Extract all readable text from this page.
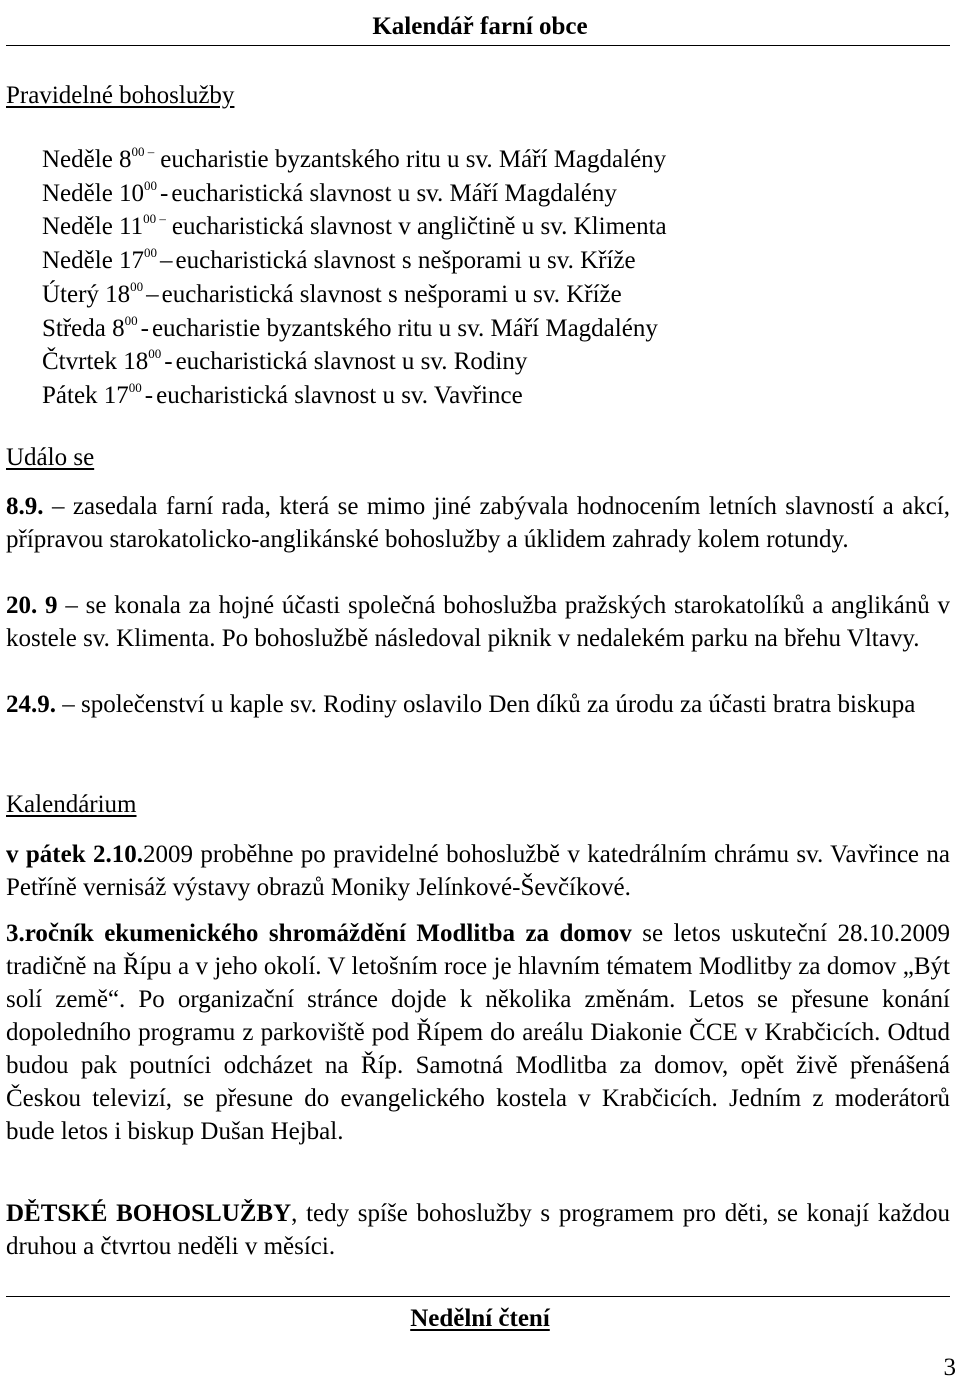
Kalendář farní obce
Pravidelné bohoslužby
Neděle $8^{00 -}$ eucharistie byzantského ritu u sv. Máří Magdalény
Neděle $10^{00}$ - eucharistická slavnost u sv. Máří Magdalény
Neděle $11^{00 -}$ eucharistická slavnost v angličtině u sv. Klimenta
Neděle $17^{00}$ – eucharistická slavnost s nešporami u sv. Kříže
Úterý $18^{00}$ – eucharistická slavnost s nešporami u sv. Kříže
Středa $8^{00}$ - eucharistie byzantského ritu u sv. Máří Magdalény
Čtvrtek $18^{00}$ - eucharistická slavnost u sv. Rodiny
Pátek $17^{00}$ - eucharistická slavnost u sv. Vavřince
Událo se
8.9. – zasedala farní rada, která se mimo jiné zabývala hodnocením letních slavností a akcí, přípravou starokatolicko-anglikánské bohoslužby a úklidem zahrady kolem rotundy.
20. 9 – se konala za hojné účasti společná bohoslužba pražských starokatolíků a anglikánů v kostele sv. Klimenta. Po bohoslužbě následoval piknik v nedalekém parku na břehu Vltavy.
24.9. – společenství u kaple sv. Rodiny oslavilo Den díků za úrodu za účasti bratra biskupa
Kalendárium
v pátek 2.10.2009 proběhne po pravidelné bohoslužbě v katedrálním chrámu sv. Vavřince na Petříně vernisáž výstavy obrazů Moniky Jelínkové-Ševčíkové.
3.ročník ekumenického shromáždění Modlitba za domov se letos uskuteční 28.10.2009 tradičně na Řípu a v jeho okolí. V letošním roce je hlavním tématem Modlitby za domov „Být solí země“. Po organizační stránce dojde k několika změnám. Letos se přesune konání dopoledního programu z parkoviště pod Řípem do areálu Diakonie ČCE v Krabčicích. Odtud budou pak poutníci odcházet na Říp. Samotná Modlitba za domov, opět živě přenášená Českou televizí, se přesune do evangelického kostela v Krabčicích. Jedním z moderátorů bude letos i biskup Dušan Hejbal.
DĚTSKÉ BOHOSLUŽBY, tedy spíše bohoslužby s programem pro děti, se konají každou druhou a čtvrtou neděli v měsíci.
Nedělní čtení
3
